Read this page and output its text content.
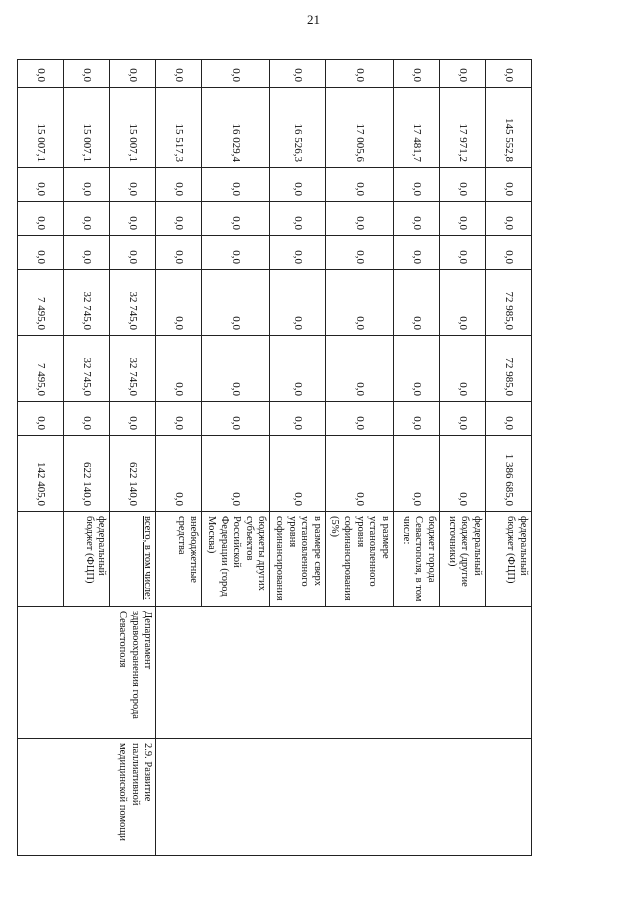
21
0,0	145 552,8	0,0	0,0	0,0	72 985,0	72 985,0	0,0	1 386 685,0	федеральный бюджет (ФЦП)		
0,0	17 971,2	0,0	0,0	0,0	0,0	0,0	0,0	0,0	федеральный бюджет (другие источники)		
0,0	17 481,7	0,0	0,0	0,0	0,0	0,0	0,0	0,0	бюджет города Севастополя, в том числе:		
0,0	17 005,6	0,0	0,0	0,0	0,0	0,0	0,0	0,0	в размере установленного уровня софинансирования (5%)		
0,0	16 526,3	0,0	0,0	0,0	0,0	0,0	0,0	0,0	в размере сверх установленного уровня софинансирования		
0,0	16 029,4	0,0	0,0	0,0	0,0	0,0	0,0	0,0	бюджеты других субъектов Российской Федерации (город Москва)		
0,0	15 517,3	0,0	0,0	0,0	0,0	0,0	0,0	0,0	внебюджетные средства		
0,0	15 007,1	0,0	0,0	0,0	32 745,0	32 745,0	0,0	622 140,0	всего, в том числе:	Департамент здравоохранения города Севастополя	2.9. Развитие паллиативной медицинской помощи
0,0	15 007,1	0,0	0,0	0,0	32 745,0	32 745,0	0,0	622 140,0	федеральный бюджет (ФЦП)		
0,0	15 007,1	0,0	0,0	0,0	7 495,0	7 495,0	0,0	142 405,0			
